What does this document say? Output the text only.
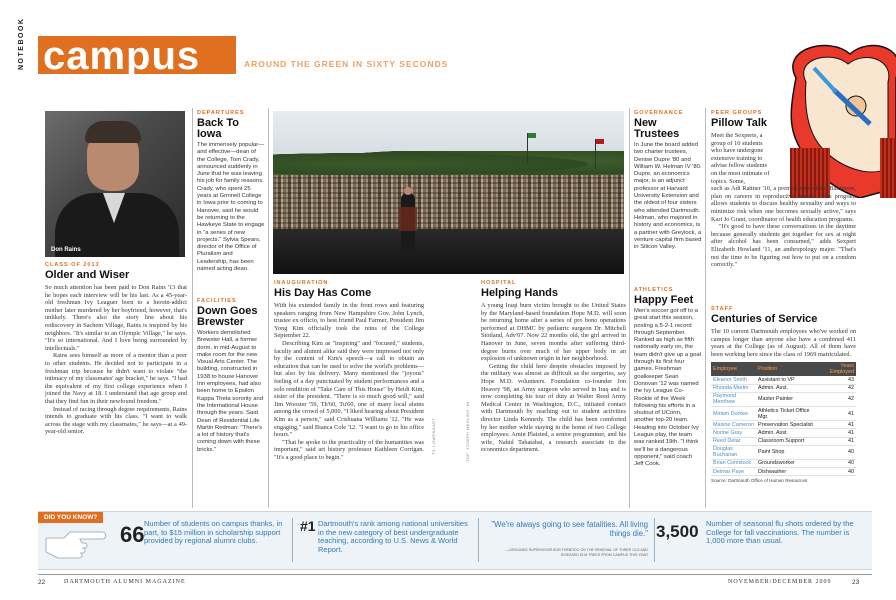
NOTEBOOK campus	AROUND THE GREEN IN SIXTY SECONDS
Don Rains
CLASS OF 2013
Older and Wiser

So much attention has been paid to Don Rains '13 that he hopes each interview will be his last. As a 45-year-old freshman Ivy Leaguer born to a heroin-addict mother later murdered by her boyfriend, however, that's unlikely. There's also the story line about his rediscovery in Sachem Village, Rains is inspired by his neighbors. "It's similar to an Olympic Village," he says. "It's so international. And I love being surrounded by intellectuals."

Rains sees himself as more of a mentor than a peer to other students. He decided not to participate in a freshman trip because he didn't want to violate "the intimacy of my classmates' age bracket," he says. "I had the equivalent of my first college experience when I joined the Navy at 18. I understand that age group and that they find fun in their newfound freedom."

Instead of racing through degree requirements, Rains intends to graduate with his class. "I want to walk across the stage with my classmates," he says—at a 49-year-old senior.

DEPARTURES
Back To Iowa

The immensely popular—and effective—dean of the College, Tom Crady, announced suddenly in June that he was leaving his job for family reasons. Crady, who spent 25 years at Grinnell College in Iowa prior to coming to Hanover, said he would be returning to the Hawkeye State to engage in "a series of new projects." Sylvia Spears, director of the Office of Pluralism and Leadership, has been named acting dean.

FACILITIES
Down Goes Brewster

Workers demolished Brewster Hall, a former dorm, in mid-August to make room for the new Visual Arts Center. The building, constructed in 1938 to house Hanover Inn employees, had also been home to Epsilon Kappa Theta sorority and the International House through the years. Said Dean of Residential Life Martin Redman: "There's a lot of history that's coming down with these bricks."	TIL LOWENGART	TOP: JOSEPH MEHLING '69
INAUGURATION
His Day Has Come

With his extended family in the front rows and featuring speakers ranging from New Hampshire Gov. John Lynch, trustee ex officio, to best friend Paul Farmer, President Jim Yong Kim officially took the reins of the College September 22.

Describing Kim as "inspiring" and "focused," students, faculty and alumni alike said they were impressed not only by the content of Kim's speech—a call to obtain an education that can be used to solve the world's problems—but also by his delivery. Many mentioned the "joyous" feeling of a day punctuated by student performances and a solo rendition of "Take Care of This House" by Heidi Kim, sister of the president. "There is so much good will," said Jim Wooster '59, Th'60, Tu'60, one of many local alums among the crowd of 5,000. "I liked hearing about President Kim as a person," said Crishuana Williams '12. "He was engaging," said Bianca Cole '12. "I want to go to his office hours."

"That he spoke to the practicality of the humanities was important," said art history professor Kathleen Corrigan. "It's a good place to begin."

HOSPITAL
Helping Hands

A young Iraqi burn victim brought to the United States by the Maryland-based foundation Hope M.D. will soon be returning home after a series of pro bono operations performed at DHMC by pediatric surgeon Dr. Mitchell Stotland, Adv'07. Now 22 months old, the girl arrived in Hanover in June, seven months after suffering third-degree burns over much of her upper body in an explosion of unknown origin in her neighborhood.

Getting the child here despite obstacles imposed by the military was almost as difficult as the surgeries, say Hope M.D. volunteers. Foundation co-founder Jon Heavey '98, an Army surgeon who served in Iraq and is now completing his tour of duty at Walter Reed Army Medical Center in Washington, D.C., initiated contact with Dartmouth by reaching out to student activities director Linda Kennedy. The child has been comforted by her mother while staying in the home of two College employees: Amin Plaisted, a senior programmer, and his wife, Nahid Tabatabai, a research associate in the economics department.

GOVERNANCE
New Trustees

In June the board added two charter trustees, Denise Dupre '80 and William W. Helman IV '80. Dupre, an economics major, is an adjunct professor at Harvard University Extension and the oldest of four sisters who attended Dartmouth. Helman, who majored in history and economics, is a partner with Greylock, a venture capital firm based in Silicon Valley.

ATHLETICS
Happy Feet

Men's soccer got off to a great start this season, posting a 5-2-1 record through September. Ranked as high as fifth nationally early on, the team didn't give up a goal through its first four games. Freshman goalkeeper Sean Donovan '12 was named the Ivy League Co-Rookie of the Week following his efforts in a shutout of UConn, another top-20 team. Heading into October Ivy League play, the team was ranked 19th. "I think we'll be a dangerous opponent," said coach Jeff Cook.

PEER GROUPS
Pillow Talk

Meet the Sexperts, a group of 10 students who have undergone extensive training to advise fellow students on the most intimate of topics. Some,

such as Adi Rattner '10, a premed major from Baltimore, plan on careers in reproductive health. "This program allows students to discuss healthy sexuality and ways to minimize risk when one becomes sexually active," says Kari Jo Grant, coordinator of health education programs.

"It's good to have these conversations in the daytime because generally students get together for sex at night after alcohol has been consumed," adds Sexpert Elizabeth Howland '11, an anthropology major. "That's not the time to be figuring out how to put on a condom correctly."

STAFF
Centuries of Service

The 10 current Dartmouth employees who've worked on campus longer than anyone else have a combined 411 years at the College (as of August). All of them have been working here since the class of 1969 matriculated.

Employee	Position	Years Employed
Eleanor Smith	Assistant to VP	43
Rhonda Martin	Admin. Asst.	42
Raymond Merrihew	Master Painter	42
Miriam Durkee	Athletics Ticket Office Mgr.	41
Maxine Cameron	Preservation Specialist	41
Norine Gray	Admin. Asst.	41
Reed Detar	Classroom Support	41
Douglas Buchanan	Paint Shop	40
Brian Comstock	Groundsworker	40
Delmar Paye	Dishwasher	40
Source: Dartmouth Office of Human Resources
DID YOU KNOW?
66 Number of students on campus thanks, in part, to $15 million in scholarship support provided by regional alumni clubs.
#1 Dartmouth's rank among national universities in the new category of best undergraduate teaching, according to U.S. News & World Report.
"We're always going to see fatalities. All living things die."
—GROUNDS SUPERVISOR BOB THEBODO ON THE REMOVAL OF THREE OLD AND DISEASED ELM TREES FROM CAMPUS THIS YEAR
3,500 Number of seasonal flu shots ordered by the College for fall vaccinations. The number is 1,000 more than usual.
22	DARTMOUTH ALUMNI MAGAZINE	NOVEMBER/DECEMBER 2009	23
